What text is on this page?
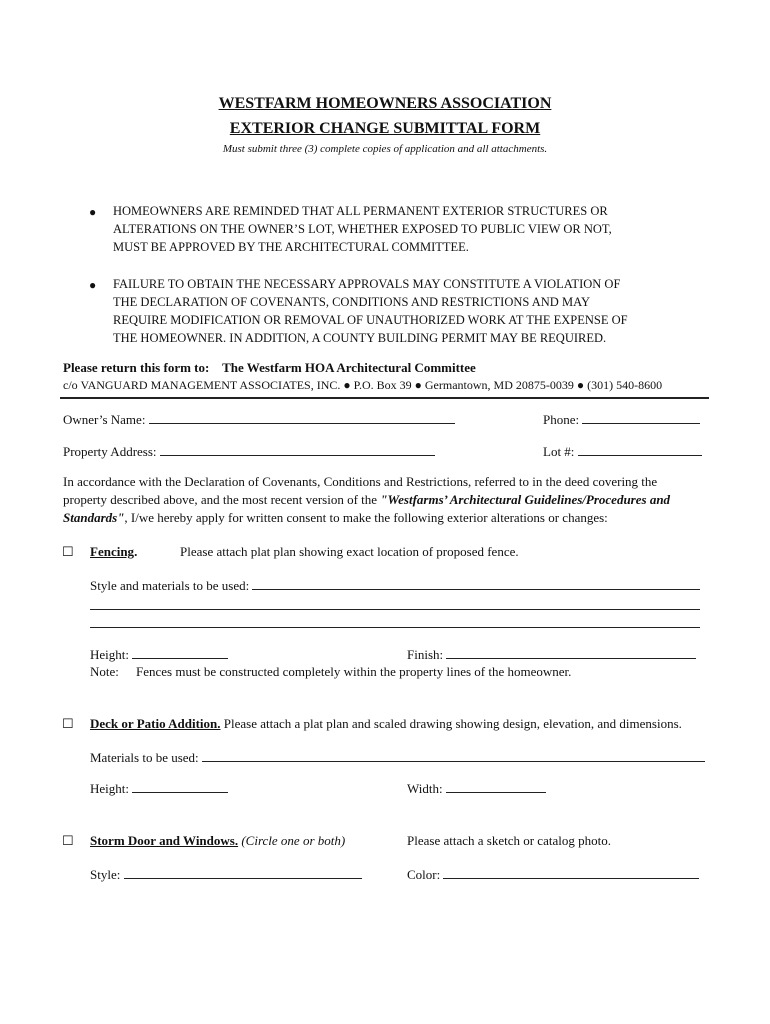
WESTFARM HOMEOWNERS ASSOCIATION
EXTERIOR CHANGE SUBMITTAL FORM
Must submit three (3) complete copies of application and all attachments.
● HOMEOWNERS ARE REMINDED THAT ALL PERMANENT EXTERIOR STRUCTURES OR
ALTERATIONS ON THE OWNER’S LOT, WHETHER EXPOSED TO PUBLIC VIEW OR NOT,
MUST BE APPROVED BY THE ARCHITECTURAL COMMITTEE.
● FAILURE TO OBTAIN THE NECESSARY APPROVALS MAY CONSTITUTE A VIOLATION OF
THE DECLARATION OF COVENANTS, CONDITIONS AND RESTRICTIONS AND MAY
REQUIRE MODIFICATION OR REMOVAL OF UNAUTHORIZED WORK AT THE EXPENSE OF
THE HOMEOWNER. IN ADDITION, A COUNTY BUILDING PERMIT MAY BE REQUIRED.
Please return this form to: The Westfarm HOA Architectural Committee
c/o VANGUARD MANAGEMENT ASSOCIATES, INC. ● P.O. Box 39 ● Germantown, MD 20875-0039 ● (301) 540-8600
Owner’s Name:	Phone:
Property Address:	Lot #:
In accordance with the Declaration of Covenants, Conditions and Restrictions, referred to in the deed covering the
property described above, and the most recent version of the "Westfarms’ Architectural Guidelines/Procedures and
Standards", I/we hereby apply for written consent to make the following exterior alterations or changes:
☐ Fencing.	Please attach plat plan showing exact location of proposed fence.
Style and materials to be used:
Height:	Finish:
Note: Fences must be constructed completely within the property lines of the homeowner.
☐ Deck or Patio Addition. Please attach a plat plan and scaled drawing showing design, elevation, and dimensions.
Materials to be used:
Height:	Width:
☐ Storm Door and Windows. (Circle one or both)	Please attach a sketch or catalog photo.
Style:	Color:
